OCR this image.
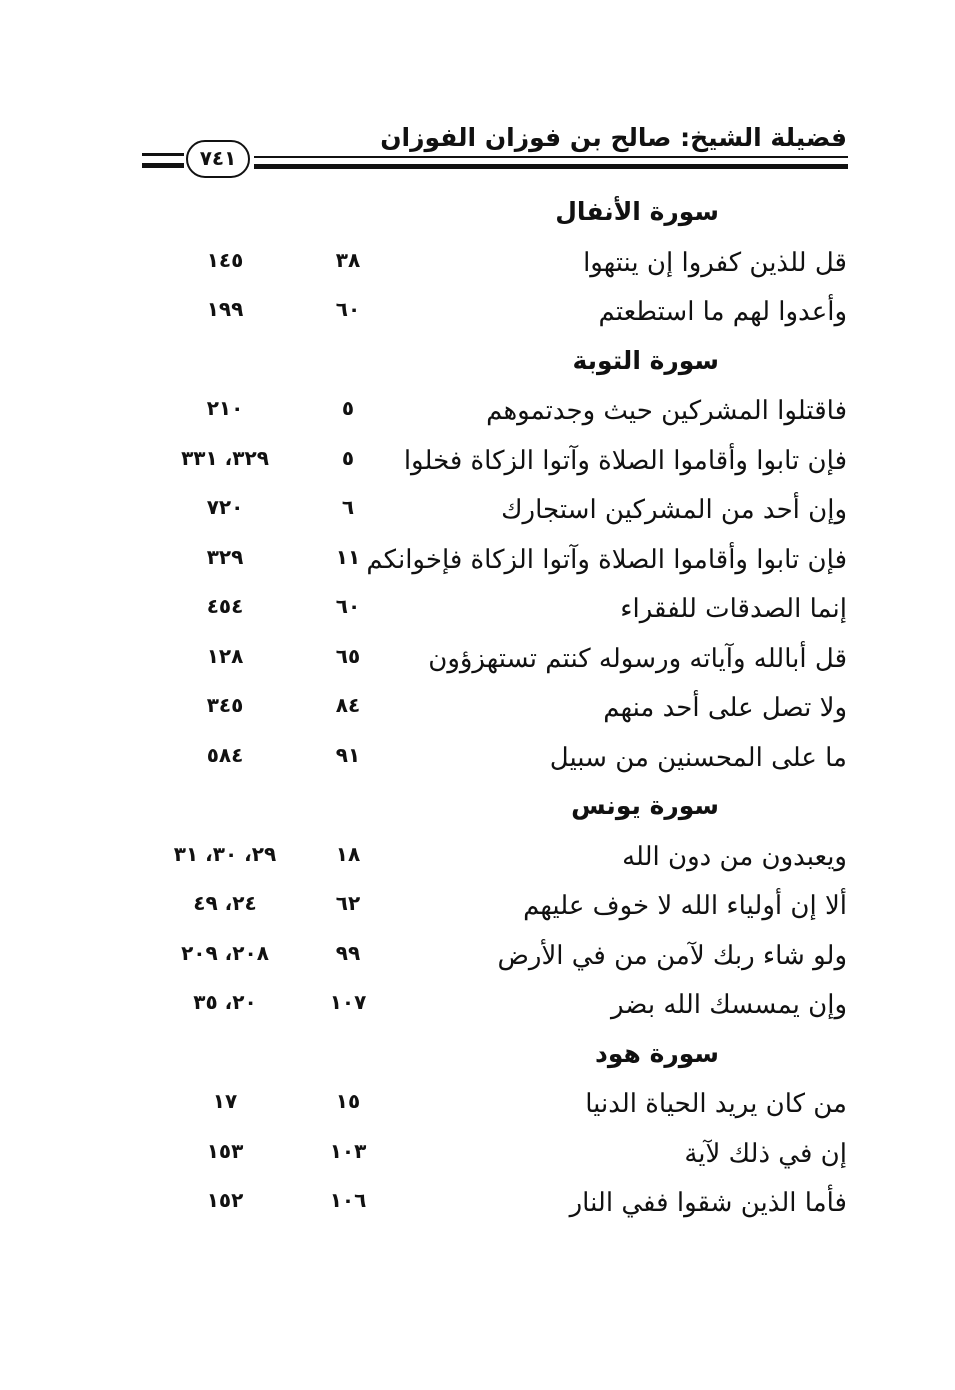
فضيلة الشيخ: صالح بن فوزان الفوزان
٧٤١
سورة الأنفال
قل للذين كفروا إن ينتهوا
٣٨
١٤٥
وأعدوا لهم ما استطعتم
٦٠
١٩٩
سورة التوبة
فاقتلوا المشركين حيث وجدتموهم
٥
٢١٠
فإن تابوا وأقاموا الصلاة وآتوا الزكاة فخلوا
٥
٣٢٩، ٣٣١
وإن أحد من المشركين استجارك
٦
٧٢٠
فإن تابوا وأقاموا الصلاة وآتوا الزكاة فإخوانكم
١١
٣٢٩
إنما الصدقات للفقراء
٦٠
٤٥٤
قل أبالله وآياته ورسوله كنتم تستهزؤون
٦٥
١٢٨
ولا تصل على أحد منهم
٨٤
٣٤٥
ما على المحسنين من سبيل
٩١
٥٨٤
سورة يونس
ويعبدون من دون الله
١٨
٢٩، ٣٠، ٣١
ألا إن أولياء الله لا خوف عليهم
٦٢
٢٤، ٤٩
ولو شاء ربك لآمن من في الأرض
٩٩
٢٠٨، ٢٠٩
وإن يمسسك الله بضر
١٠٧
٢٠، ٣٥
سورة هود
من كان يريد الحياة الدنيا
١٥
١٧
إن في ذلك لآية
١٠٣
١٥٣
فأما الذين شقوا ففي النار
١٠٦
١٥٢
